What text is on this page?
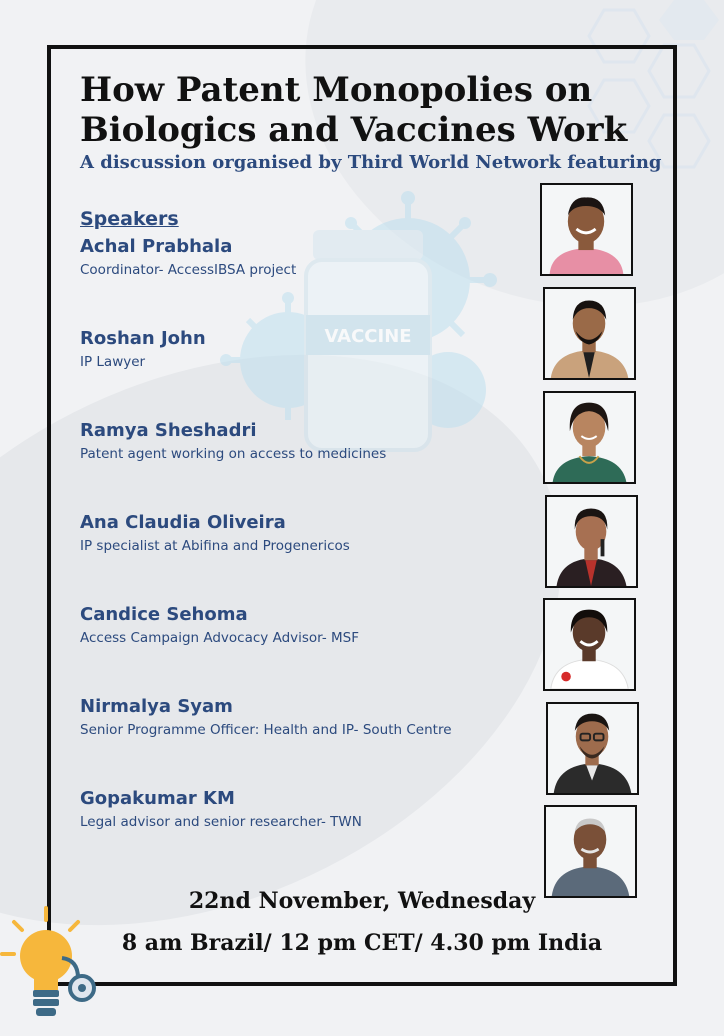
VACCINE
How Patent Monopolies on
Biologics and Vaccines Work
A discussion organised by Third World Network featuring
Speakers
Achal Prabhala
Coordinator- AccessIBSA project
Roshan John
IP Lawyer
Ramya Sheshadri
Patent agent working on access to medicines
Ana Claudia Oliveira
IP specialist at Abifina and Progenericos
Candice Sehoma
Access Campaign Advocacy Advisor- MSF
Nirmalya Syam
Senior Programme Officer: Health and IP- South Centre
Gopakumar KM
Legal advisor and senior researcher- TWN
22nd November, Wednesday
8 am Brazil/ 12 pm CET/ 4.30 pm India
